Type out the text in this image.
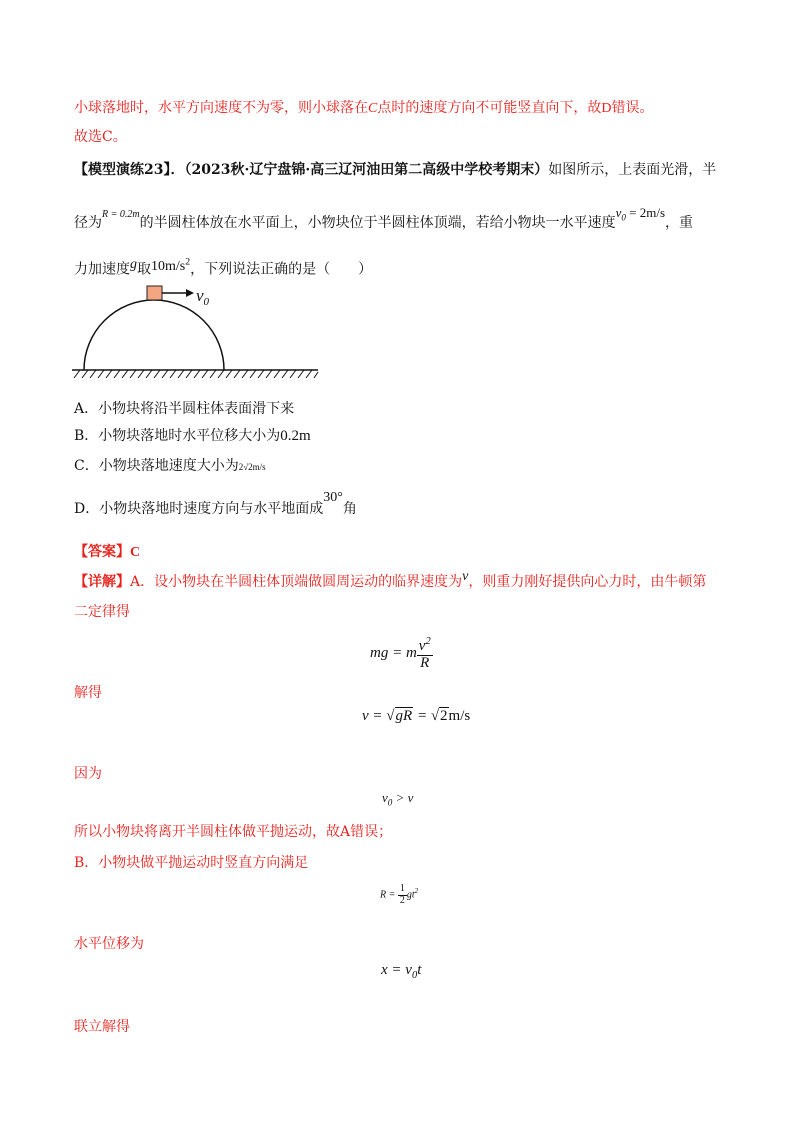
小球落地时，水平方向速度不为零，则小球落在C点时的速度方向不可能竖直向下，故D错误。
故选C。
【模型演练23】．（2023秋·辽宁盘锦·高三辽河油田第二高级中学校考期末）如图所示，上表面光滑，半
径为$^{R = 0.2m}$的半圆柱体放在水平面上，小物块位于半圆柱体顶端，若给小物块一水平速度$v_0 = 2m/s$，重
力加速度g取$10m/s^2$，下列说法正确的是（　　）
$v_0$
A．小物块将沿半圆柱体表面滑下来
B．小物块落地时水平位移大小为0.2m
C．小物块落地速度大小为2√2m/s
D．小物块落地时速度方向与水平地面成30°角
【答案】C
【详解】A．设小物块在半圆柱体顶端做圆周运动的临界速度为v，则重力刚好提供向心力时，由牛顿第
二定律得
mg = m $\frac{v^2}{R}$
解得
v = √gR = √2m/s
因为
$v_0 > v$
所以小物块将离开半圆柱体做平抛运动，故A错误；
B．小物块做平抛运动时竖直方向满足
$R = \frac{1}{2} gt^2$
水平位移为
$x = v_0t$
联立解得
